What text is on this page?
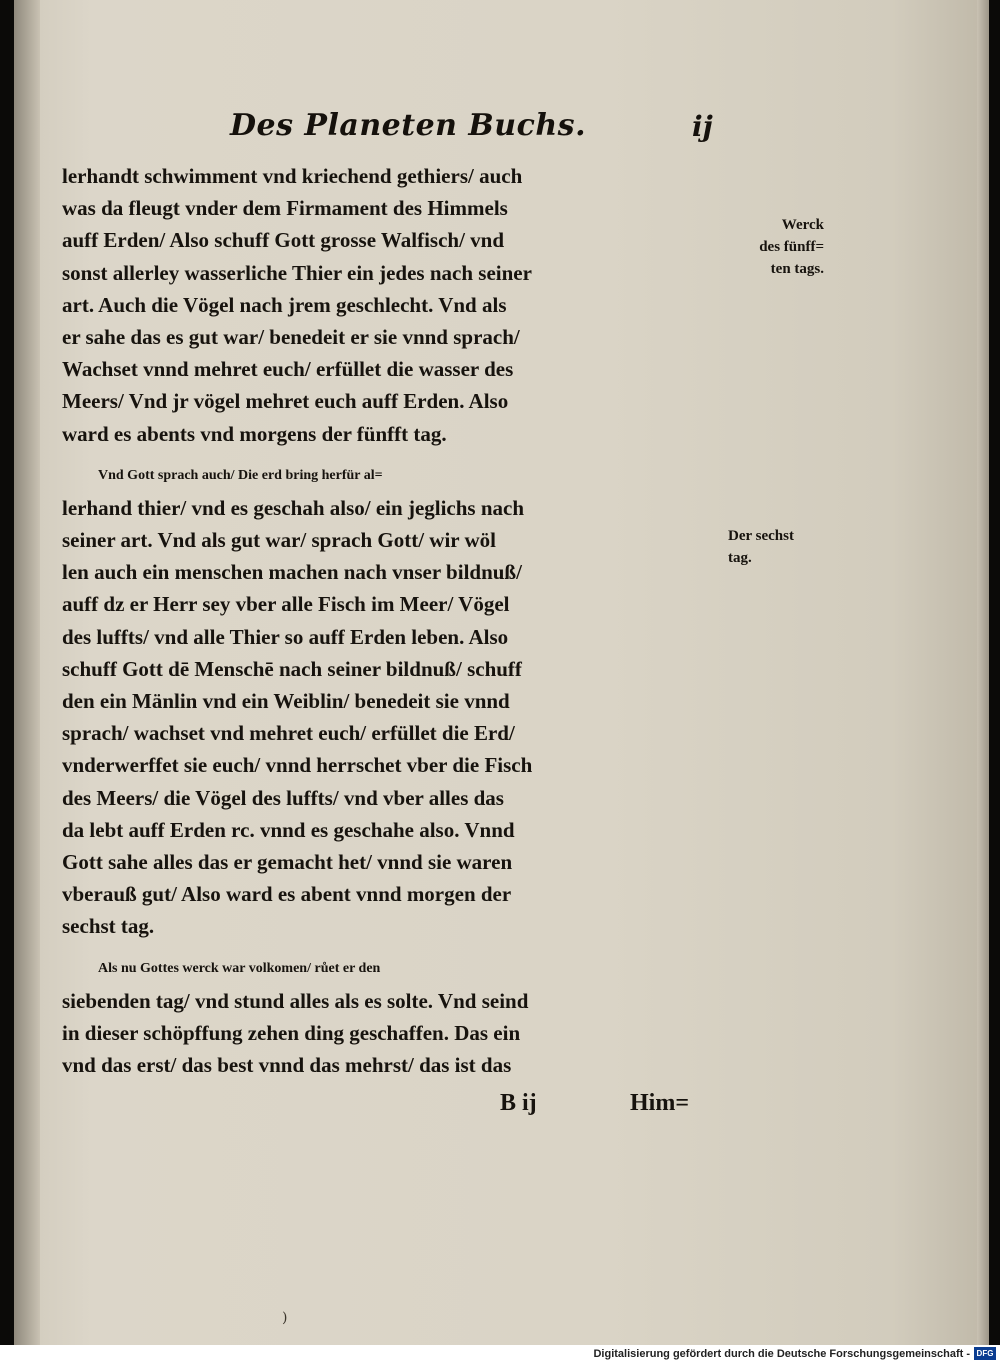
Des Planeten Buchs.	ij
lerhandt schwimment vnd kriechend gethiers/ auch
was da fleugt vnder dem Firmament des Himmels
auff Erden/ Also schuff Gott grosse Walfisch/ vnd
sonst allerley wasserliche Thier ein jedes nach seiner
art. Auch die Vögel nach jrem geschlecht. Vnd als
er sahe das es gut war/ benedeit er sie vnnd sprach/
Wachset vnnd mehret euch/ erfüllet die wasser des
Meers/ Vnd jr vögel mehret euch auff Erden. Also
ward es abents vnd morgens der fünfft tag.
Vnd Gott sprach auch/ Die erd bring herfür al=
lerhand thier/ vnd es geschah also/ ein jeglichs nach
seiner art. Vnd als gut war/ sprach Gott/ wir wöl
len auch ein menschen machen nach vnser bildnuß/
auff dz er Herr sey vber alle Fisch im Meer/ Vögel
des luffts/ vnd alle Thier so auff Erden leben. Also
schuff Gott dē Menschē nach seiner bildnuß/ schuff
den ein Mänlin vnd ein Weiblin/ benedeit sie vnnd
sprach/ wachset vnd mehret euch/ erfüllet die Erd/
vnderwerffet sie euch/ vnnd herrschet vber die Fisch
des Meers/ die Vögel des luffts/ vnd vber alles das
da lebt auff Erden rc. vnnd es geschahe also. Vnnd
Gott sahe alles das er gemacht het/ vnnd sie waren
vberauß gut/ Also ward es abent vnnd morgen der
sechst tag.
Als nu Gottes werck war volkomen/ růet er den
siebenden tag/ vnd stund alles als es solte. Vnd seind
in dieser schöpffung zehen ding geschaffen. Das ein
vnd das erst/ das best vnnd das mehrst/ das ist das
Werck
des fünff=
ten tags.
Der sechst
tag.
B ij	Him=
)
Digitalisierung gefördert durch die Deutsche Forschungsgemeinschaft - DFG
